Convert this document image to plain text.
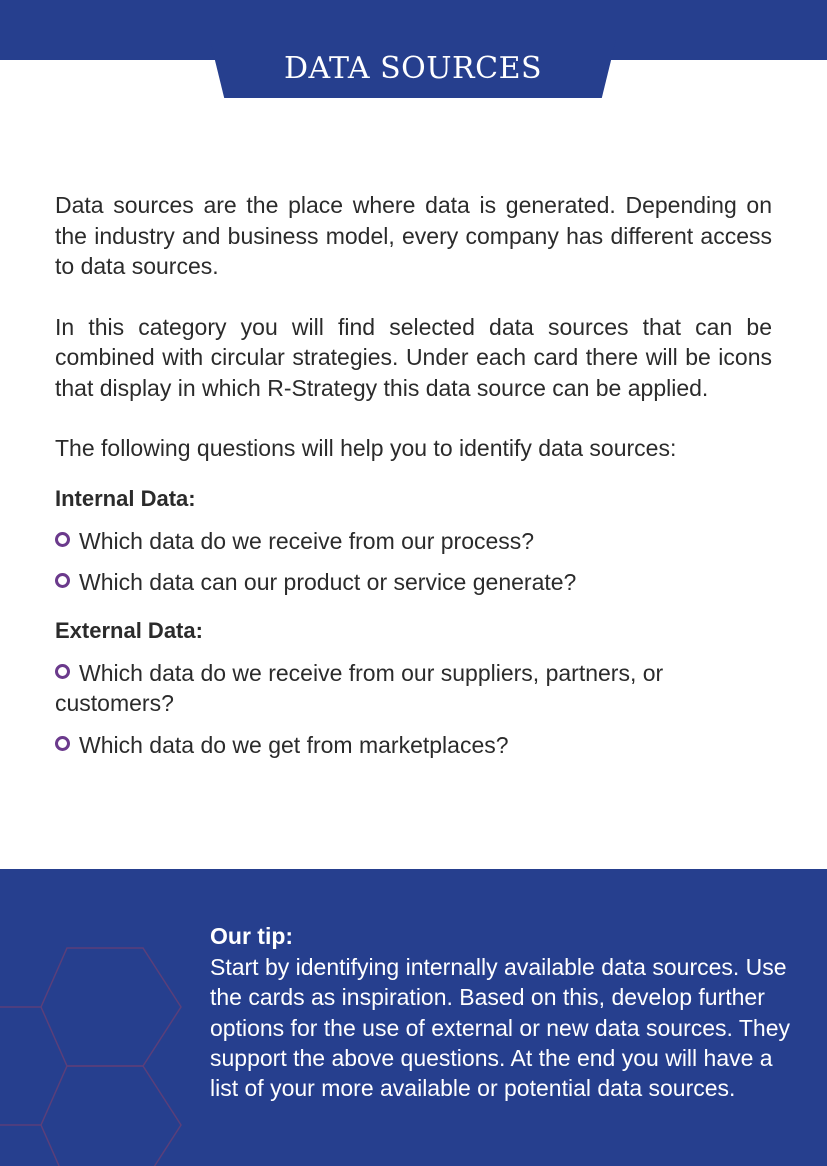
DATA SOURCES

Data sources are the place where data is generated. Depending on the industry and business model, every company has different access to data sources.

In this category you will find selected data sources that can be combined with circular strategies. Under each card there will be icons that display in which R-Strategy this data source can be applied.

The following questions will help you to identify data sources:

Internal Data:
Which data do we receive from our process?
Which data can our product or service generate?
External Data:
Which data do we receive from our suppliers, partners, or customers?
Which data do we get from marketplaces?
Our tip:

Start by identifying internally available data sources. Use the cards as inspiration. Based on this, develop further options for the use of external or new data sources. They support the above questions. At the end you will have a list of your more available or potential data sources.
